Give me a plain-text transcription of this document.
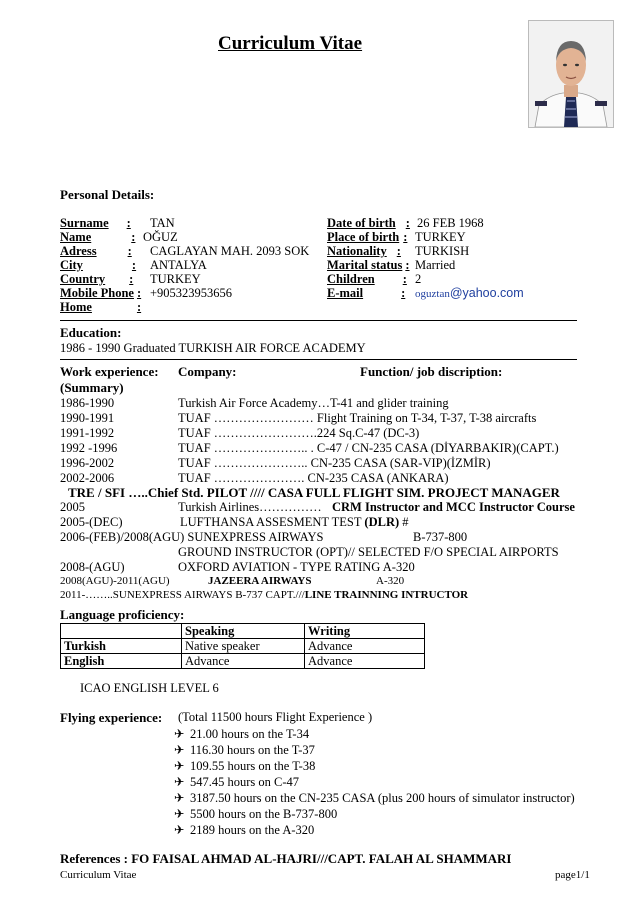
Curriculum Vitae
Personal Details:
Surname : TAN
Name	: OĞUZ
Adress : CAGLAYAN MAH. 2093 SOK
City	: ANTALYA
Country : TURKEY
Mobile Phone : +905323953656
Home	:
Date of birth : 26 FEB 1968
Place of birth : TURKEY
Nationality : TURKISH
Marital status : Married
Children : 2
E-mail	: oguztan@yahoo.com
Education:
1986 - 1990 Graduated TURKISH AIR FORCE ACADEMY
Work experience: Company:	Function/ job discription:
(Summary)
1986-1990	Turkish Air Force Academy…T-41 and glider training
1990-1991	TUAF …………………… Flight Training on T-34, T-37, T-38 aircrafts
1991-1992	TUAF …………………….224 Sq.C-47 (DC-3)
1992 -1996	TUAF ………………….. . C-47 / CN-235 CASA (DİYARBAKIR)(CAPT.)
1996-2002	TUAF ………………….. CN-235 CASA (SAR-VIP)(İZMİR)
2002-2006	TUAF …………………. CN-235 CASA (ANKARA)
TRE / SFI …..Chief Std. PILOT //// CASA FULL FLIGHT SIM. PROJECT MANAGER
2005	Turkish Airlines…………… CRM Instructor and MCC Instructor Course
2005-(DEC)	LUFTHANSA ASSESMENT TEST (DLR) #
2006-(FEB)/2008(AGU) SUNEXPRESS AIRWAYS	B-737-800
GROUND INSTRUCTOR (OPT)// SELECTED F/O SPECIAL AIRPORTS
2008-(AGU)	OXFORD AVIATION - TYPE RATING A-320
2008(AGU)-2011(AGU)	JAZEERA AIRWAYS	A-320
2011-……..SUNEXPRESS AIRWAYS B-737 CAPT.///LINE TRAINNING INTRUCTOR
Language proficiency:
	Speaking	Writing
Turkish	Native speaker	Advance
English	Advance	Advance
ICAO ENGLISH LEVEL 6
Flying experience: (Total 11500 hours Flight Experience )
✈ 21.00 hours on the T-34
✈ 116.30 hours on the T-37
✈ 109.55 hours on the T-38
✈ 547.45 hours on C-47
✈ 3187.50 hours on the CN-235 CASA (plus 200 hours of simulator instructor)
✈ 5500 hours on the B-737-800
✈ 2189 hours on the A-320
References : FO FAISAL AHMAD AL-HAJRI///CAPT. FALAH AL SHAMMARI
Curriculum Vitae	page1/1
